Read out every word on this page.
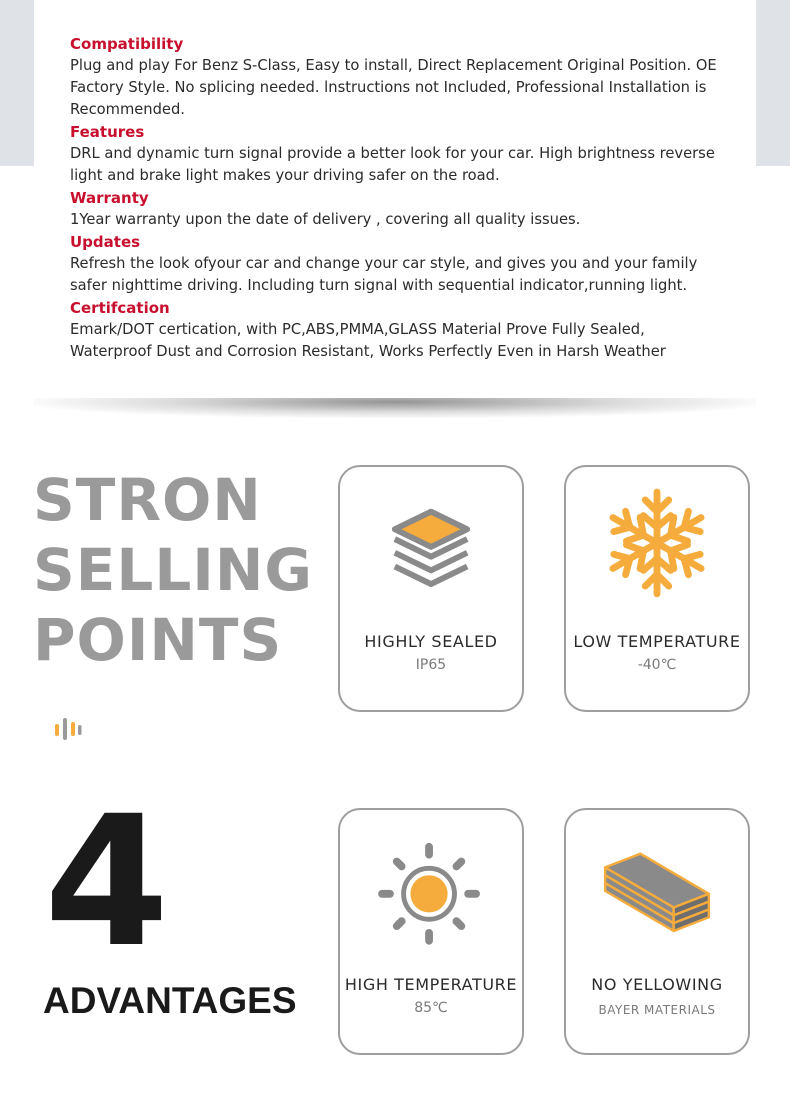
Compatibility

Plug and play For Benz S-Class, Easy to install, Direct Replacement Original Position. OE

Factory Style. No splicing needed. lnstructions not Included, Professional Installation is

Recommended.

Features

DRL and dynamic turn signal provide a better look for your car. High brightness reverse

light and brake light makes your driving safer on the road.

Warranty

1Year warranty upon the date of delivery , covering all quality issues.

Updates

Refresh the look ofyour car and change your car style, and gives you and your family

safer nighttime driving. Including turn signal with sequential indicator,running light.

Certifcation

Emark/DOT certication, with PC,ABS,PMMA,GLASS Material Prove Fully Sealed,

Waterproof Dust and Corrosion Resistant, Works Perfectly Even in Harsh Weather

STRON
SELLING
POINTS
4
ADVANTAGES
HIGHLY SEALED
IP65
LOW TEMPERATURE
-40℃
HIGH TEMPERATURE
85℃
NO YELLOWING
BAYER MATERIALS
